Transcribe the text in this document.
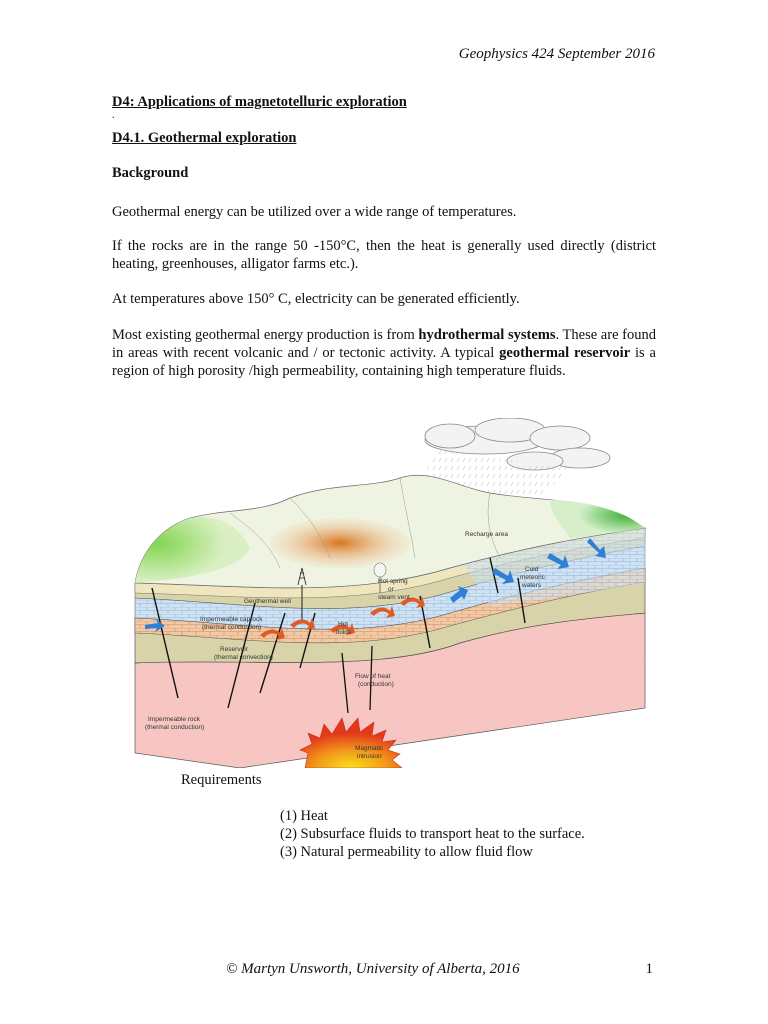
Geophysics 424 September 2016
D4: Applications of magnetotelluric exploration
.
D4.1. Geothermal exploration
Background

Geothermal energy can be utilized over a wide range of temperatures.

If the rocks are in the range 50 -150°C, then the heat is generally used directly (district heating, greenhouses, alligator farms etc.).

At temperatures above 150° C, electricity can be generated efficiently.

Most existing geothermal energy production is from hydrothermal systems. These are found in areas with recent volcanic and / or tectonic activity. A typical geothermal reservoir is a region of high porosity /high permeability, containing high temperature fluids.

Recharge area
Hot spring
or
steam vent
Cold
meteoric
waters
Geothermal well
Impermeable caprock
(thermal conduction)	Hot
fluids
Reservoir
(thermal convection)
Flow of heat
(conduction)
Impermeable rock
(thermal conduction)
Magmatic
intrusion
Requirements
(1) Heat
(2) Subsurface fluids to transport heat to the surface.
(3) Natural permeability to allow fluid flow
© Martyn Unsworth, University of Alberta, 2016	1
